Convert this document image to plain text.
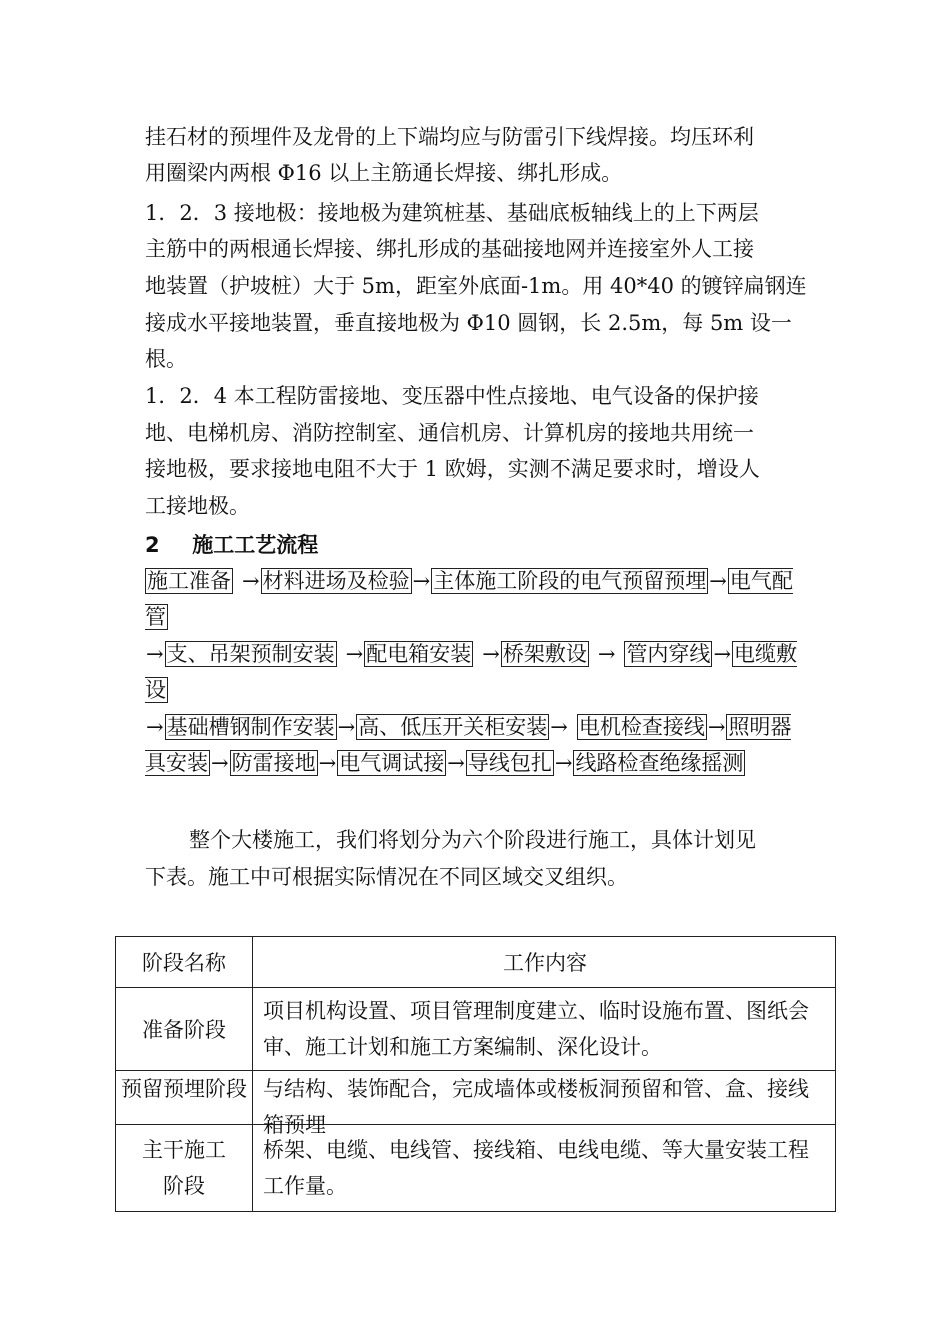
挂石材的预埋件及龙骨的上下端均应与防雷引下线焊接。均压环利
用圈梁内两根 Φ16 以上主筋通长焊接、绑扎形成。
1．2．3 接地极：接地极为建筑桩基、基础底板轴线上的上下两层
主筋中的两根通长焊接、绑扎形成的基础接地网并连接室外人工接
地装置（护坡桩）大于 5m，距室外底面-1m。用 40*40 的镀锌扁钢连
接成水平接地装置，垂直接地极为 Φ10 圆钢，长 2.5m，每 5m 设一
根。
1．2．4 本工程防雷接地、变压器中性点接地、电气设备的保护接
地、电梯机房、消防控制室、通信机房、计算机房的接地共用统一
接地极，要求接地电阻不大于 1 欧姆，实测不满足要求时，增设人
工接地极。
2 施工工艺流程
施工准备 → 材料进场及检验 → 主体施工阶段的电气预留预埋 → 电气配管
→ 支、吊架预制安装 → 配电箱安装 → 桥架敷设 → 管内穿线 → 电缆敷设
→ 基础槽钢制作安装 → 高、低压开关柜安装 → 电机检查接线 → 照明器具安装 → 防雷接地 → 电气调试接 → 导线包扎 → 线路检查绝缘摇测
整个大楼施工，我们将划分为六个阶段进行施工，具体计划见
下表。施工中可根据实际情况在不同区域交叉组织。
阶段名称	工作内容
准备阶段	项目机构设置、项目管理制度建立、临时设施布置、图纸会审、施工计划和施工方案编制、深化设计。

预留预埋阶段	与结构、装饰配合，完成墙体或楼板洞预留和管、盒、接线箱预埋

主干施工阶段	桥架、电缆、电线管、接线箱、电线电缆、等大量安装工程工作量。
